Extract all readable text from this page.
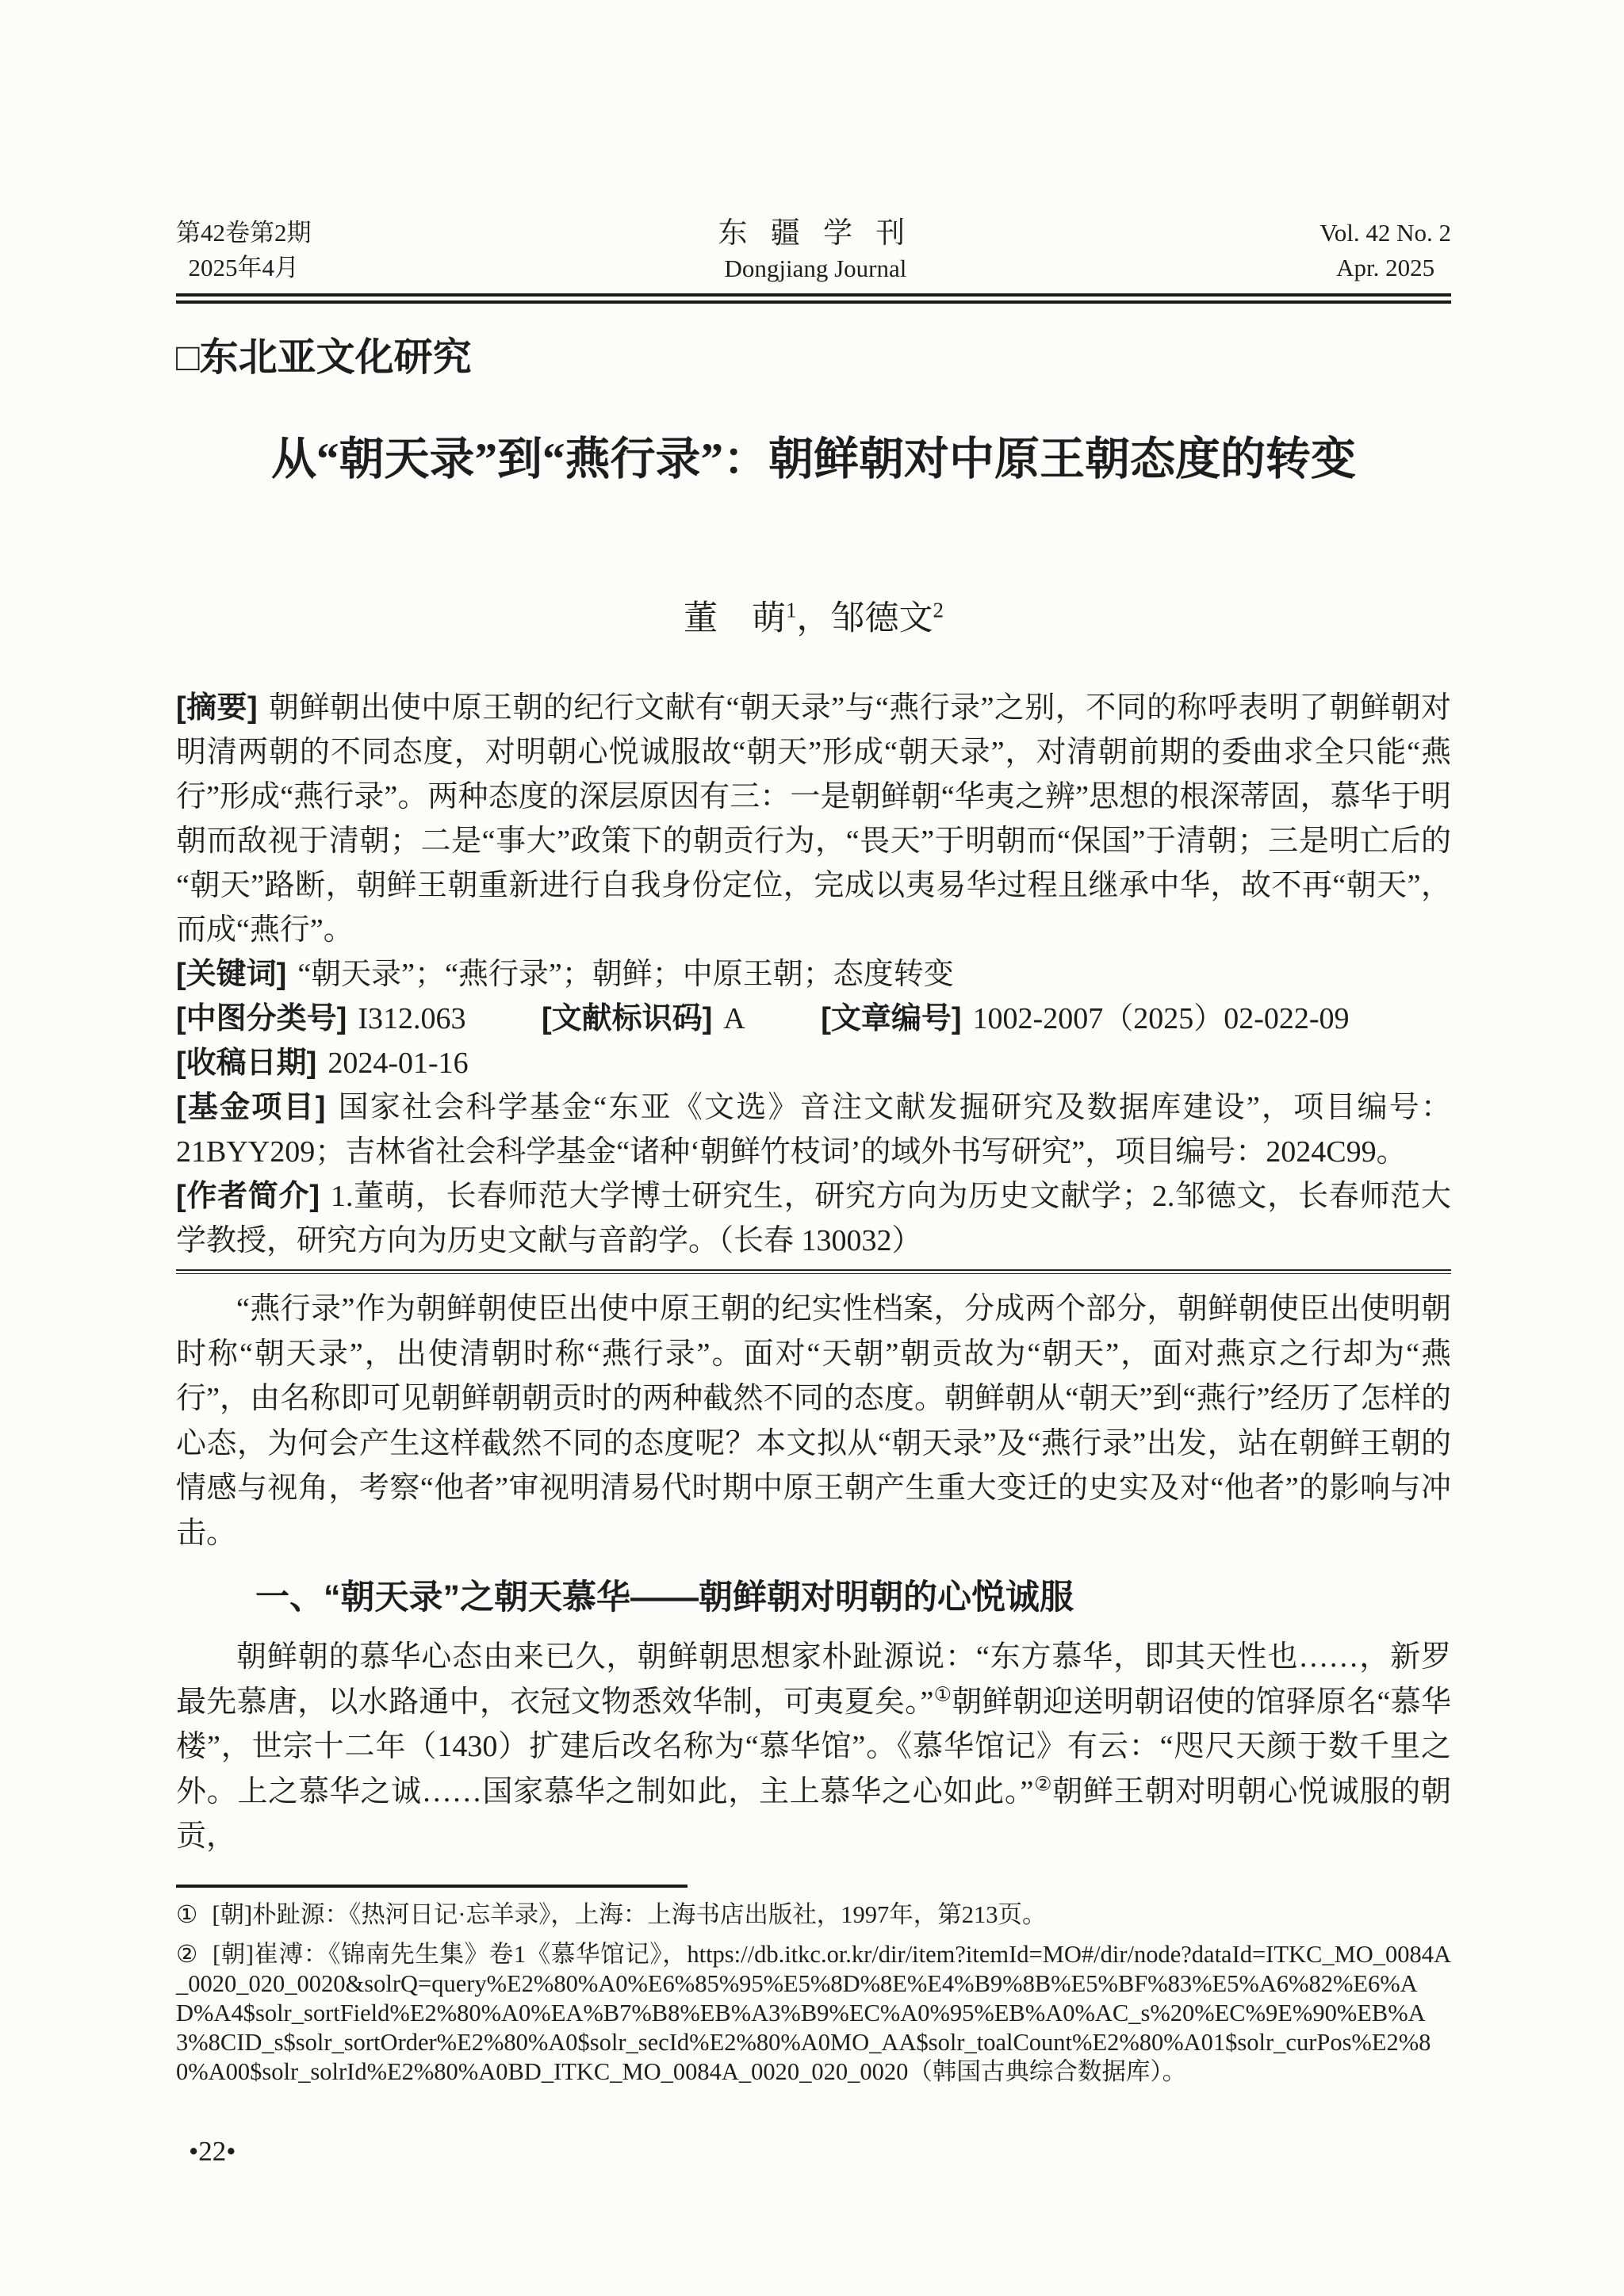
第42卷第2期
2025年4月
东 疆 学 刊
Dongjiang Journal
Vol. 42 No. 2
Apr. 2025
□东北亚文化研究
从“朝天录”到“燕行录”：朝鲜朝对中原王朝态度的转变
董　萌$^1$，邹德文$^2$

[摘要] 朝鲜朝出使中原王朝的纪行文献有“朝天录”与“燕行录”之别，不同的称呼表明了朝鲜朝对明清两朝的不同态度，对明朝心悦诚服故“朝天”形成“朝天录”，对清朝前期的委曲求全只能“燕行”形成“燕行录”。两种态度的深层原因有三：一是朝鲜朝“华夷之辨”思想的根深蒂固，慕华于明朝而敌视于清朝；二是“事大”政策下的朝贡行为，“畏天”于明朝而“保国”于清朝；三是明亡后的“朝天”路断，朝鲜王朝重新进行自我身份定位，完成以夷易华过程且继承中华，故不再“朝天”，而成“燕行”。

[关键词] “朝天录”；“燕行录”；朝鲜；中原王朝；态度转变

[中图分类号] I312.063	[文献标识码] A	[文章编号] 1002-2007（2025）02-022-09

[收稿日期] 2024-01-16

[基金项目] 国家社会科学基金“东亚《文选》音注文献发掘研究及数据库建设”，项目编号：21BYY209；吉林省社会科学基金“诸种‘朝鲜竹枝词’的域外书写研究”，项目编号：2024C99。

[作者简介] 1.董萌，长春师范大学博士研究生，研究方向为历史文献学；2.邹德文，长春师范大学教授，研究方向为历史文献与音韵学。（长春 130032）

“燕行录”作为朝鲜朝使臣出使中原王朝的纪实性档案，分成两个部分，朝鲜朝使臣出使明朝时称“朝天录”，出使清朝时称“燕行录”。面对“天朝”朝贡故为“朝天”，面对燕京之行却为“燕行”，由名称即可见朝鲜朝朝贡时的两种截然不同的态度。朝鲜朝从“朝天”到“燕行”经历了怎样的心态，为何会产生这样截然不同的态度呢？本文拟从“朝天录”及“燕行录”出发，站在朝鲜王朝的情感与视角，考察“他者”审视明清易代时期中原王朝产生重大变迁的史实及对“他者”的影响与冲击。

一、“朝天录”之朝天慕华——朝鲜朝对明朝的心悦诚服

朝鲜朝的慕华心态由来已久，朝鲜朝思想家朴趾源说：“东方慕华，即其天性也……，新罗最先慕唐，以水路通中，衣冠文物悉效华制，可夷夏矣。”①朝鲜朝迎送明朝诏使的馆驿原名“慕华楼”，世宗十二年（1430）扩建后改名称为“慕华馆”。《慕华馆记》有云：“咫尺天颜于数千里之外。上之慕华之诚……国家慕华之制如此，主上慕华之心如此。”②朝鲜王朝对明朝心悦诚服的朝贡，

① [朝]朴趾源：《热河日记·忘羊录》，上海：上海书店出版社，1997年，第213页。

② [朝]崔溥：《锦南先生集》卷1《慕华馆记》，https://db.itkc.or.kr/dir/item?itemId=MO#/dir/node?dataId=ITKC_MO_0084A_0020_020_0020&solrQ=query%E2%80%A0%E6%85%95%E5%8D%8E%E4%B9%8B%E5%BF%83%E5%A6%82%E6%AD%A4$solr_sortField%E2%80%A0%EA%B7%B8%EB%A3%B9%EC%A0%95%EB%A0%AC_s%20%EC%9E%90%EB%A3%8CID_s$solr_sortOrder%E2%80%A0$solr_secId%E2%80%A0MO_AA$solr_toalCount%E2%80%A01$solr_curPos%E2%80%A00$solr_solrId%E2%80%A0BD_ITKC_MO_0084A_0020_020_0020（韩国古典综合数据库）。

•22•
